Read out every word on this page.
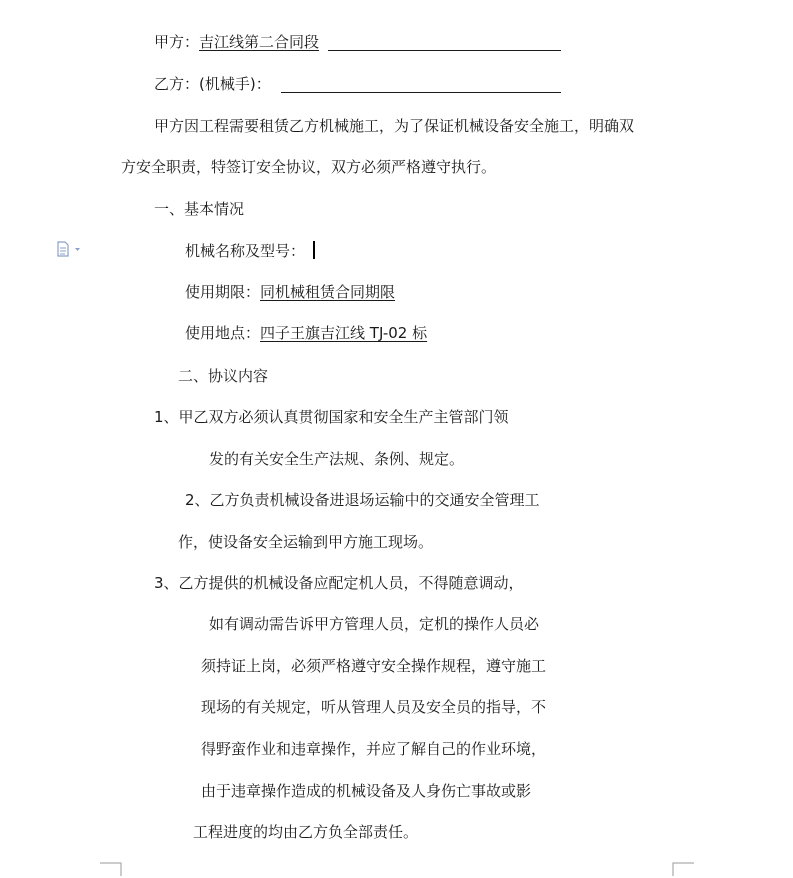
甲方：吉江线第二合同段
乙方：(机械手)：
甲方因工程需要租赁乙方机械施工，为了保证机械设备安全施工，明确双
方安全职责，特签订安全协议，双方必须严格遵守执行。
一、基本情况
机械名称及型号：
使用期限：同机械租赁合同期限
使用地点：四子王旗吉江线 TJ-02 标
二、协议内容
1、甲乙双方必须认真贯彻国家和安全生产主管部门领
发的有关安全生产法规、条例、规定。
2、乙方负责机械设备进退场运输中的交通安全管理工
作，使设备安全运输到甲方施工现场。
3、乙方提供的机械设备应配定机人员，不得随意调动，
如有调动需告诉甲方管理人员，定机的操作人员必
须持证上岗，必须严格遵守安全操作规程，遵守施工
现场的有关规定，听从管理人员及安全员的指导，不
得野蛮作业和违章操作，并应了解自己的作业环境，
由于违章操作造成的机械设备及人身伤亡事故或影
工程进度的均由乙方负全部责任。
